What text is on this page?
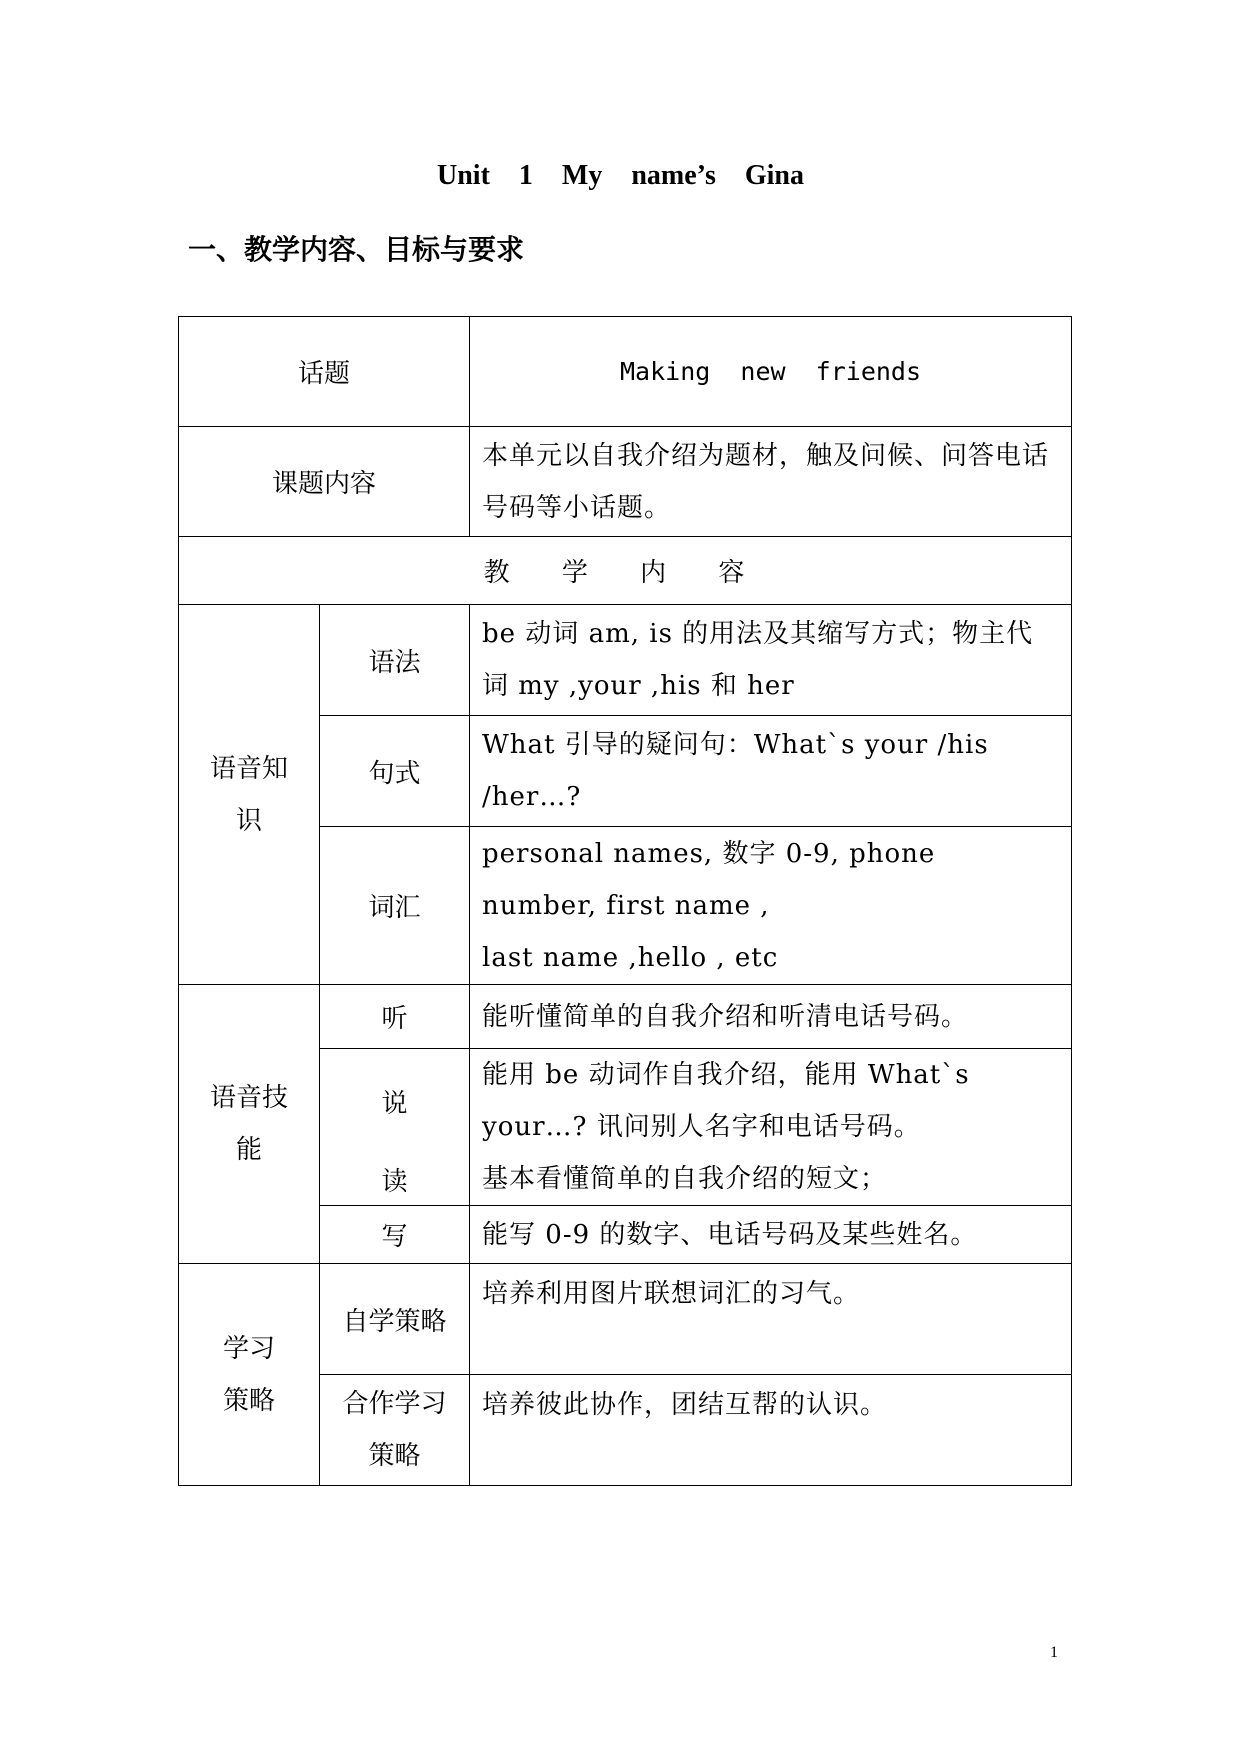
Unit 1 My name’s Gina
一、教学内容、目标与要求
话题		Making  new  friends
课题内容		本单元以自我介绍为题材，触及问候、问答电话号码等小话题。
教 学 内 容		
语音知识	语法	be 动词 am, is 的用法及其缩写方式；物主代词 my ,your ,his 和 her
	句式	What 引导的疑问句：What`s your /his /her…?
	词汇	personal names, 数字 0-9, phone number, first name ,
last name ,hello , etc

语音技能	听	能听懂简单的自我介绍和听清电话号码。
	说	能用 be 动词作自我介绍，能用 What`s your…? 讯问别人名字和电话号码。
	读	基本看懂简单的自我介绍的短文；
	写	能写 0-9 的数字、电话号码及某些姓名。
学习策略	自学策略	培养利用图片联想词汇的习气。
	合作学习策略	培养彼此协作，团结互帮的认识。
1
